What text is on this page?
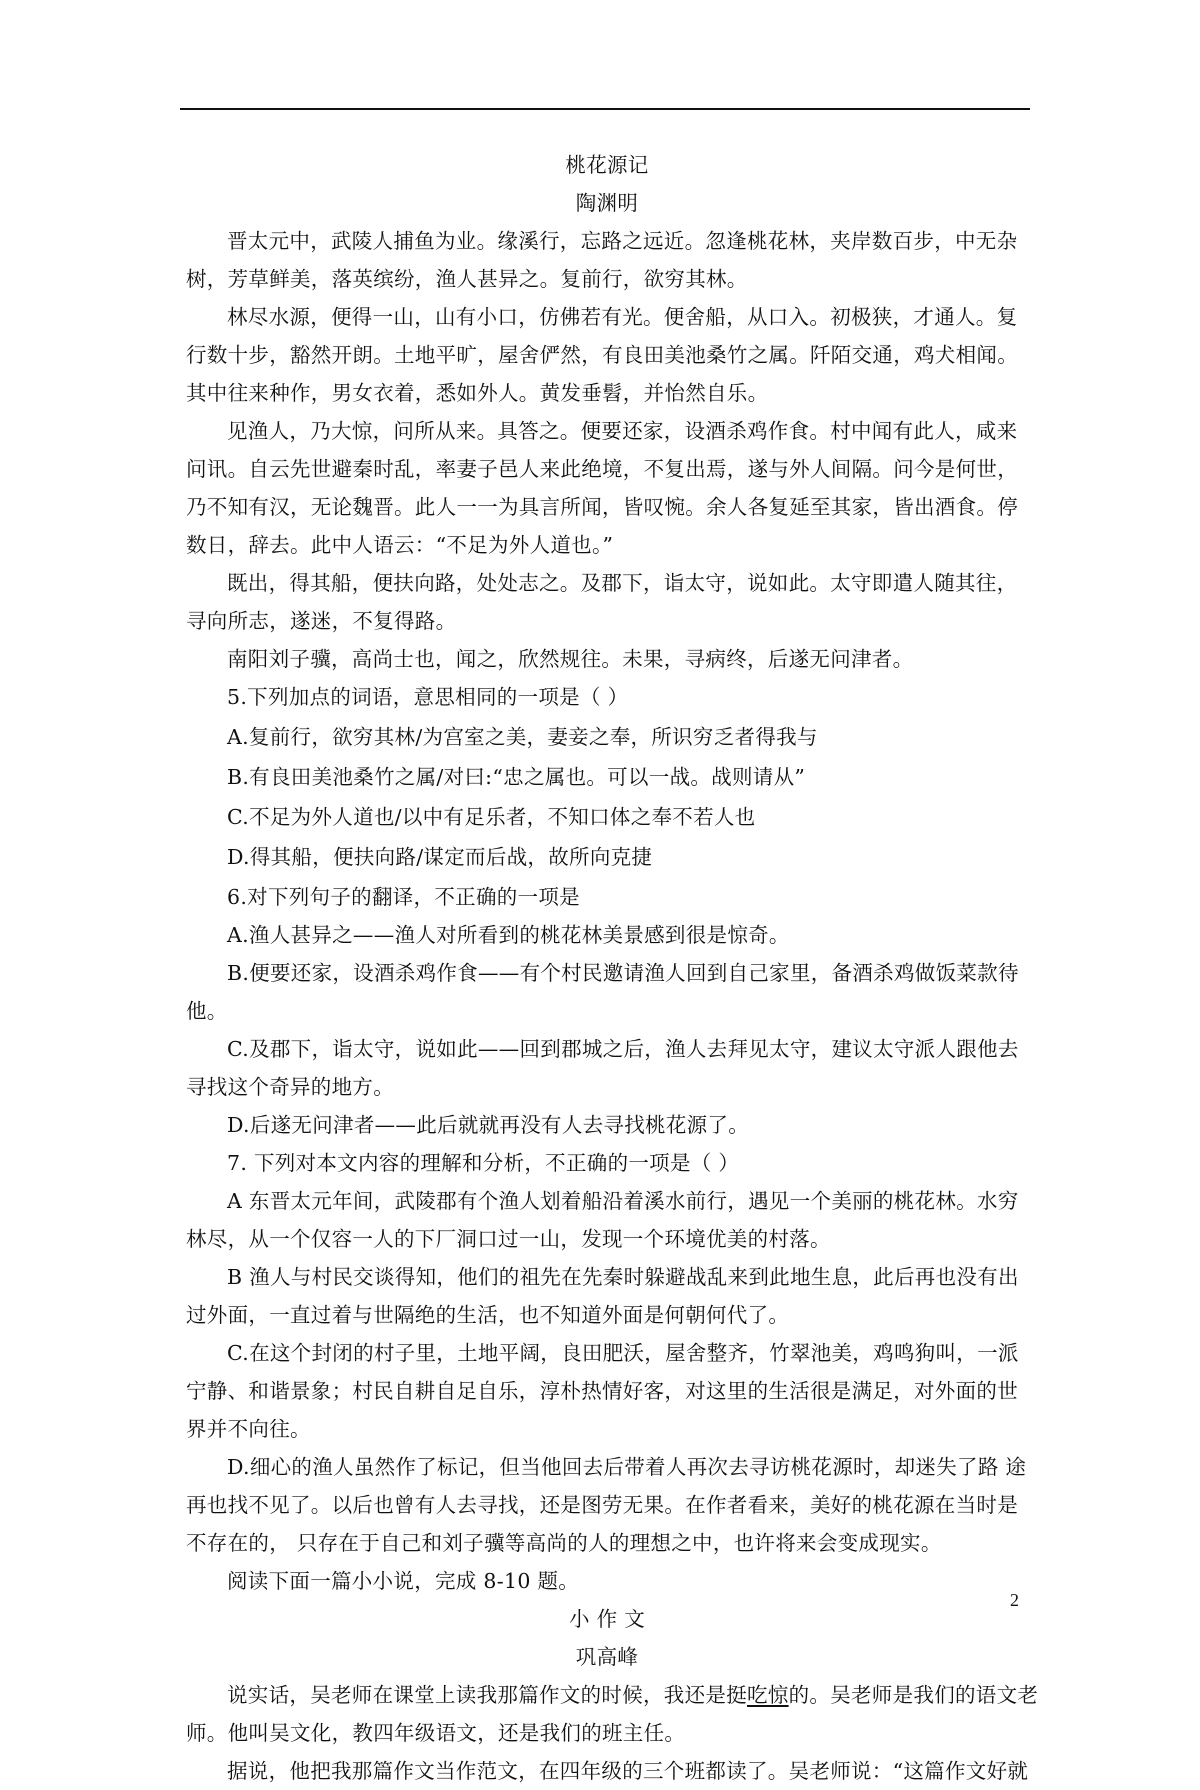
桃花源记
陶渊明
晋太元中，武陵人捕鱼为业。缘溪行，忘路之远近。忽逢桃花林，夹岸数百步，中无杂
树，芳草鲜美，落英缤纷，渔人甚异之。复前行，欲穷其林。
林尽水源，便得一山，山有小口，仿佛若有光。便舍船，从口入。初极狭，才通人。复
行数十步，豁然开朗。土地平旷，屋舍俨然，有良田美池桑竹之属。阡陌交通，鸡犬相闻。
其中往来种作，男女衣着，悉如外人。黄发垂髫，并怡然自乐。
见渔人，乃大惊，问所从来。具答之。便要还家，设酒杀鸡作食。村中闻有此人，咸来
问讯。自云先世避秦时乱，率妻子邑人来此绝境，不复出焉，遂与外人间隔。问今是何世，
乃不知有汉，无论魏晋。此人一一为具言所闻，皆叹惋。余人各复延至其家，皆出酒食。停
数日，辞去。此中人语云：“不足为外人道也。”
既出，得其船，便扶向路，处处志之。及郡下，诣太守，说如此。太守即遣人随其往，
寻向所志，遂迷，不复得路。
南阳刘子骥，高尚士也，闻之，欣然规往。未果，寻病终，后遂无问津者。
5.下列加点的词语，意思相同的一项是（ ）
A.复前行，欲穷其林/为宫室之美，妻妾之奉，所识穷乏者得我与
B.有良田美池桑竹之属/对曰:“忠之属也。可以一战。战则请从”
C.不足为外人道也/以中有足乐者，不知口体之奉不若人也
D.得其船，便扶向路/谋定而后战，故所向克捷
6.对下列句子的翻译，不正确的一项是
A.渔人甚异之——渔人对所看到的桃花林美景感到很是惊奇。
B.便要还家，设酒杀鸡作食——有个村民邀请渔人回到自己家里，备酒杀鸡做饭菜款待
他。
C.及郡下，诣太守，说如此——回到郡城之后，渔人去拜见太守，建议太守派人跟他去
寻找这个奇异的地方。
D.后遂无问津者——此后就就再没有人去寻找桃花源了。
7. 下列对本文内容的理解和分析，不正确的一项是（ ）
A 东晋太元年间，武陵郡有个渔人划着船沿着溪水前行，遇见一个美丽的桃花林。水穷
林尽，从一个仅容一人的下厂洞口过一山，发现一个环境优美的村落。
B 渔人与村民交谈得知，他们的祖先在先秦时躲避战乱来到此地生息，此后再也没有出
过外面，一直过着与世隔绝的生活，也不知道外面是何朝何代了。
C.在这个封闭的村子里，土地平阔，良田肥沃，屋舍整齐，竹翠池美，鸡鸣狗叫，一派
宁静、和谐景象；村民自耕自足自乐，淳朴热情好客，对这里的生活很是满足，对外面的世
界并不向往。
D.细心的渔人虽然作了标记，但当他回去后带着人再次去寻访桃花源时，却迷失了路 途
再也找不见了。以后也曾有人去寻找，还是图劳无果。在作者看来，美好的桃花源在当时是
不存在的， 只存在于自己和刘子骥等高尚的人的理想之中，也许将来会变成现实。
阅读下面一篇小小说，完成 8-10 题。
小 作 文
巩高峰
说实话，吴老师在课堂上读我那篇作文的时候，我还是挺吃惊的。吴老师是我们的语文老
师。他叫吴文化，教四年级语文，还是我们的班主任。
据说，他把我那篇作文当作范文，在四年级的三个班都读了。吴老师说：“这篇作文好就
2
